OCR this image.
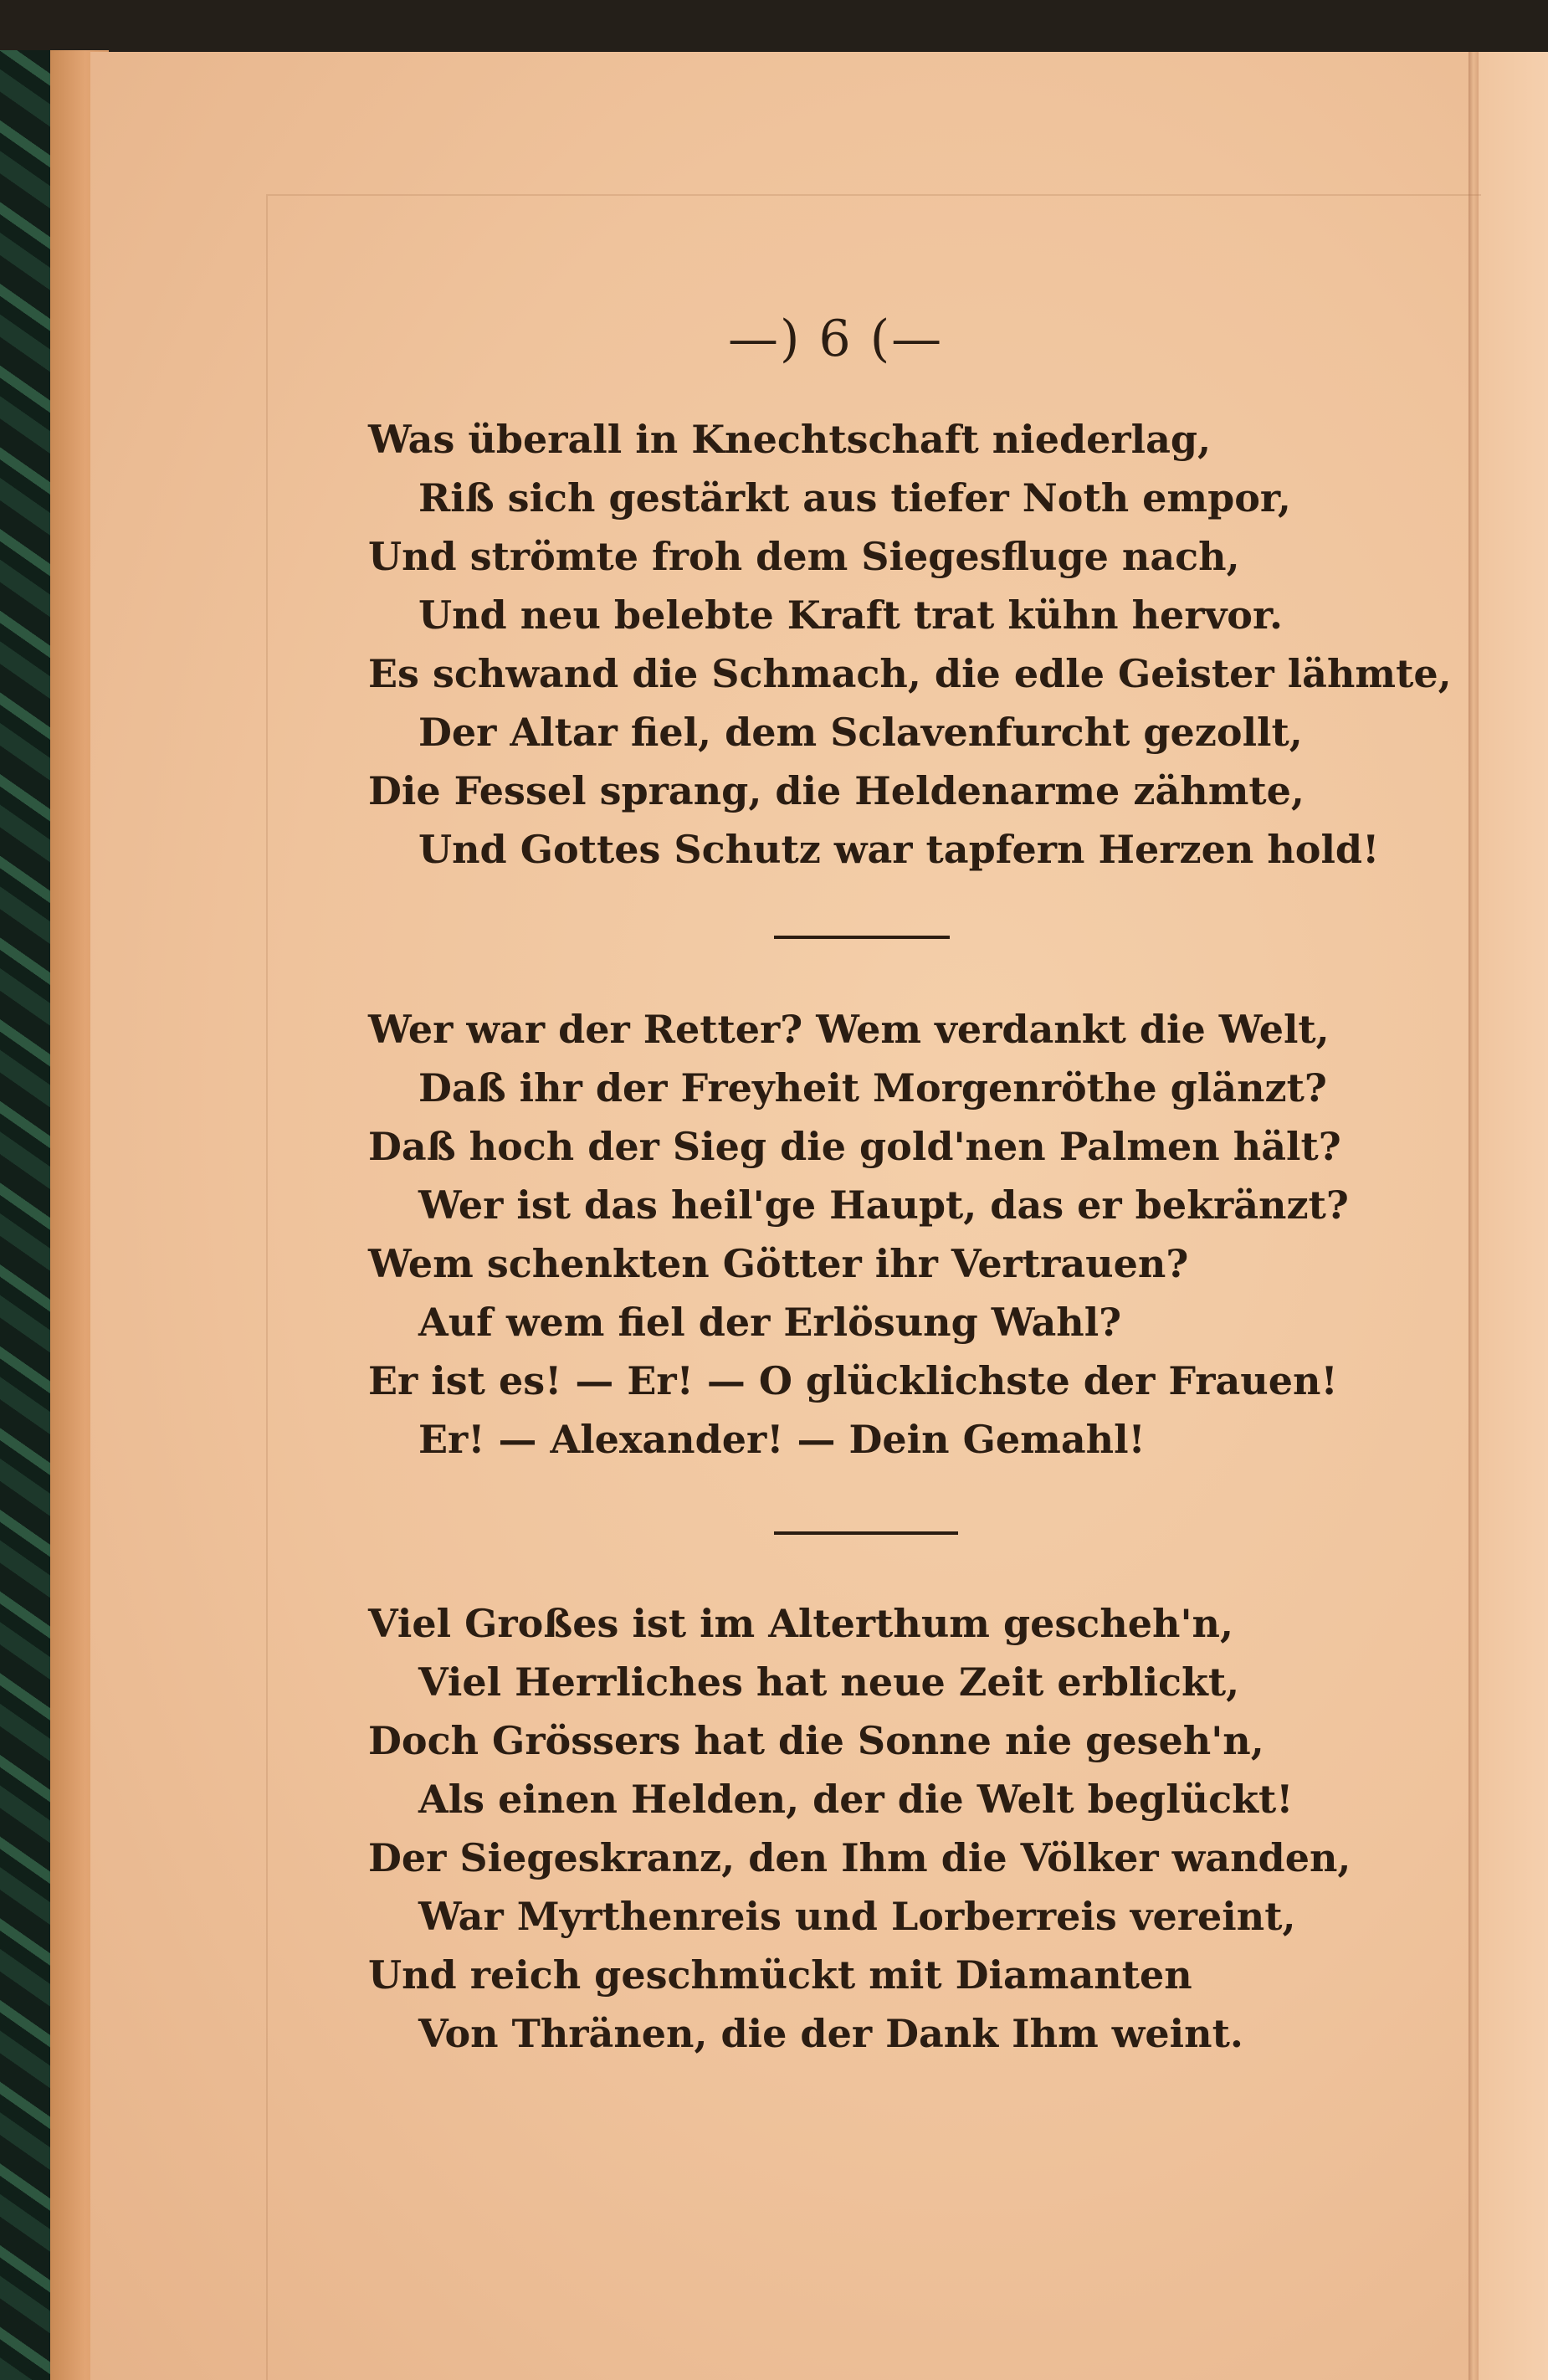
—) 6 (—
Was überall in Knechtschaft niederlag,
Riß sich gestärkt aus tiefer Noth empor,
Und strömte froh dem Siegesfluge nach,
Und neu belebte Kraft trat kühn hervor.
Es schwand die Schmach, die edle Geister lähmte,
Der Altar fiel, dem Sclavenfurcht gezollt,
Die Fessel sprang, die Heldenarme zähmte,
Und Gottes Schutz war tapfern Herzen hold!
Wer war der Retter? Wem verdankt die Welt,
Daß ihr der Freyheit Morgenröthe glänzt?
Daß hoch der Sieg die gold'nen Palmen hält?
Wer ist das heil'ge Haupt, das er bekränzt?
Wem schenkten Götter ihr Vertrauen?
Auf wem fiel der Erlösung Wahl?
Er ist es! — Er! — O glücklichste der Frauen!
Er! — Alexander! — Dein Gemahl!
Viel Großes ist im Alterthum gescheh'n,
Viel Herrliches hat neue Zeit erblickt,
Doch Grössers hat die Sonne nie geseh'n,
Als einen Helden, der die Welt beglückt!
Der Siegeskranz, den Ihm die Völker wanden,
War Myrthenreis und Lorberreis vereint,
Und reich geschmückt mit Diamanten
Von Thränen, die der Dank Ihm weint.
